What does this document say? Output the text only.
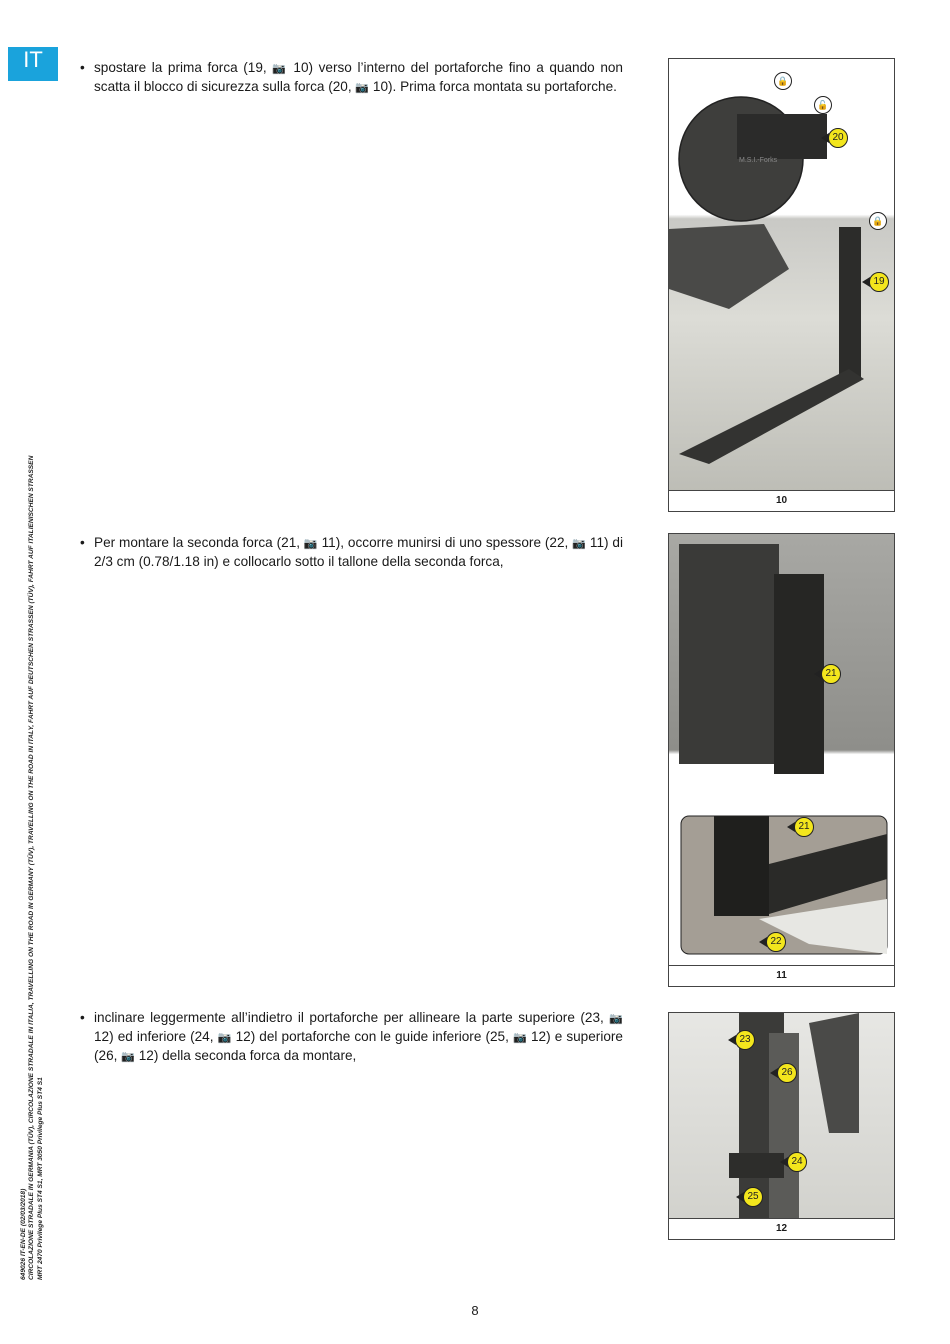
IT
649026 IT-EN-DE (02/03/2018) CIRCOLAZIONE STRADALE IN GERMANIA (TÜV), CIRCOLAZIONE STRADALE IN ITALIA, TRAVELLING ON THE ROAD IN GERMANY (TÜV), TRAVELLING ON THE ROAD IN ITALY, FAHRT AUF DEUTSCHEN STRASSEN (TÜV), FAHRT AUF ITALIENISCHEN STRASSEN MRT 2470 Privilege Plus ST4 S1, MRT 3050 Privilege Plus ST4 S1
• spostare la prima forca (19, 📷 10) verso l’interno del portaforche fino a quando non scatta il blocco di sicurezza sulla forca (20, 📷 10). Prima forca montata su portaforche.
• Per montare la seconda forca (21, 📷 11), occorre munirsi di uno spessore (22, 📷 11) di 2/3 cm (0.78/1.18 in) e collocarlo sotto il tallone della seconda forca,
• inclinare leggermente all’indietro il portaforche per allineare la parte superiore (23, 📷 12) ed inferiore (24, 📷 12) del portaforche con le guide inferiore (25, 📷 12) e superiore (26, 📷 12) della seconda forca da montare,
M.S.I.-Forks
20
19
🔒
🔓
🔒
10
21
21
22
11
23
26
24
25
12
8
